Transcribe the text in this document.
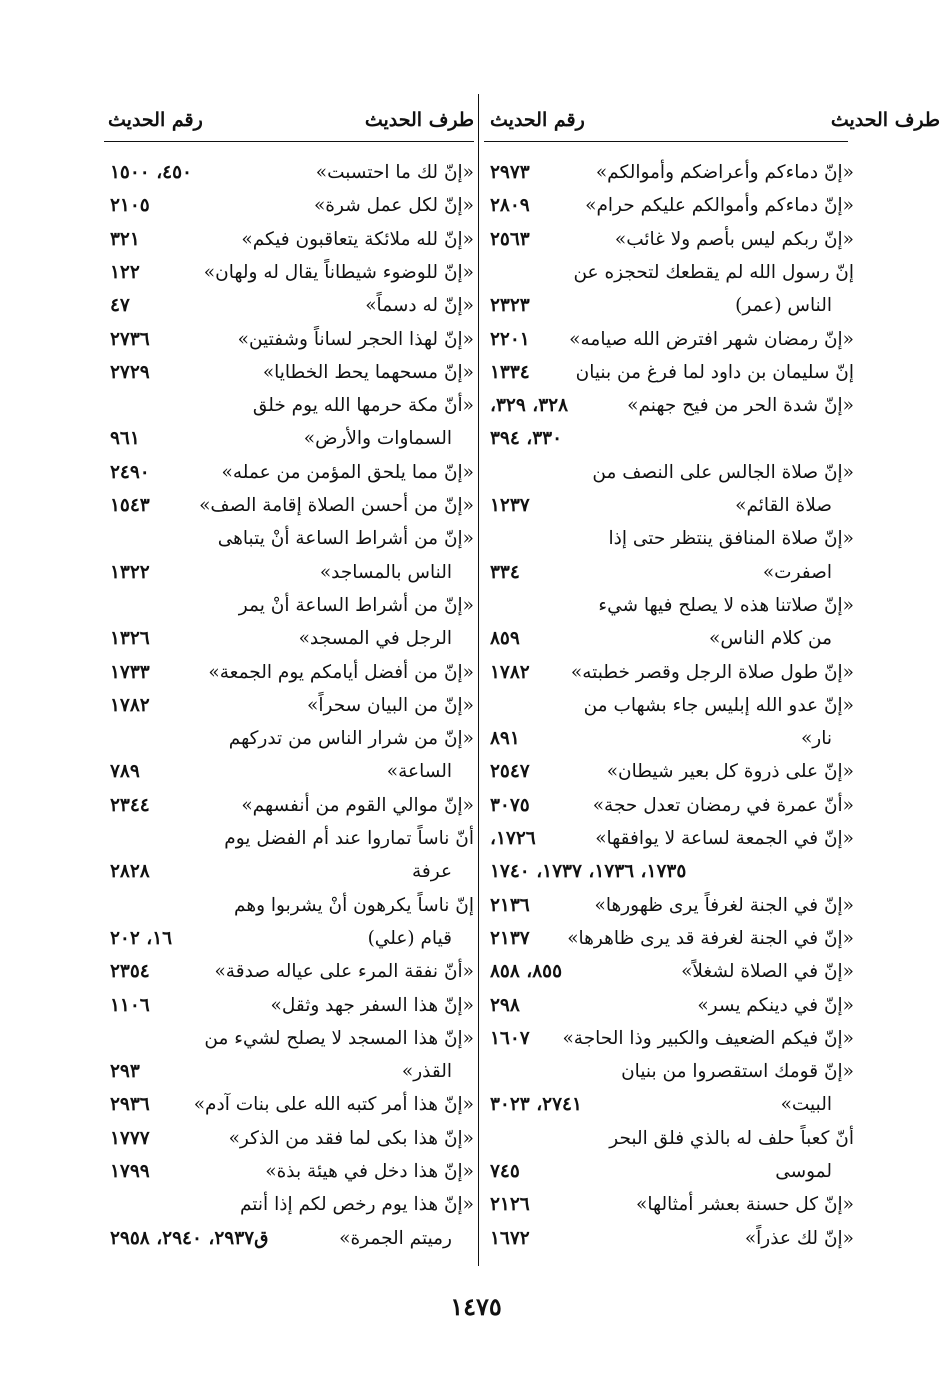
طرف الحديث
رقم الحديث
طرف الحديث
رقم الحديث
«إنّ دماءكم وأعراضكم وأموالكم»
٢٩٧٣
«إنّ دماءكم وأموالكم عليكم حرام»
٢٨٠٩
«إنّ ربكم ليس بأصم ولا غائب»
٢٥٦٣
إنّ رسول الله لم يقطعك لتحجزه عن
الناس (عمر)
٢٣٢٣
«إنّ رمضان شهر افترض الله صيامه»
٢٢٠١
إنّ سليمان بن داود لما فرغ من بنيان
١٣٣٤
«إنّ شدة الحر من فيح جهنم»
٣٢٨، ٣٢٩،
٣٣٠، ٣٩٤
«إنّ صلاة الجالس على النصف من
صلاة القائم»
١٢٣٧
«إنّ صلاة المنافق ينتظر حتى إذا
اصفرت»
٣٣٤
«إنّ صلاتنا هذه لا يصلح فيها شيء
من كلام الناس»
٨٥٩
«إنّ طول صلاة الرجل وقصر خطبته»
١٧٨٢
«إنّ عدو الله إبليس جاء بشهاب من
نار»
٨٩١
«إنّ على ذروة كل بعير شيطان»
٢٥٤٧
«أنّ عمرة في رمضان تعدل حجة»
٣٠٧٥
«إنّ في الجمعة لساعة لا يوافقها»
١٧٢٦،
١٧٣٥، ١٧٣٦، ١٧٣٧، ١٧٤٠
«إنّ في الجنة لغرفاً يرى ظهورها»
٢١٣٦
«إنّ في الجنة لغرفة قد يرى ظاهرها»
٢١٣٧
«إنّ في الصلاة لشغلاً»
٨٥٥، ٨٥٨
«إنّ في دينكم يسر»
٢٩٨
«إنّ فيكم الضعيف والكبير وذا الحاجة»
١٦٠٧
«إنّ قومك استقصروا من بنيان
البيت»
٢٧٤١، ٣٠٢٣
أنّ كعباً حلف له بالذي فلق البحر
لموسى
٧٤٥
«إنّ كل حسنة بعشر أمثالها»
٢١٢٦
«إنّ لك عذراً»
١٦٧٢
«إنّ لك ما احتسبت»
٤٥٠، ١٥٠٠
«إنّ لكل عمل شرة»
٢١٠٥
«إنّ لله ملائكة يتعاقبون فيكم»
٣٢١
«إنّ للوضوء شيطاناً يقال له ولهان»
١٢٢
«إنّ له دسماً»
٤٧
«إنّ لهذا الحجر لساناً وشفتين»
٢٧٣٦
«إنّ مسحهما يحط الخطايا»
٢٧٢٩
«أنّ مكة حرمها الله يوم خلق
السماوات والأرض»
٩٦١
«إنّ مما يلحق المؤمن من عمله»
٢٤٩٠
«إنّ من أحسن الصلاة إقامة الصف»
١٥٤٣
«إنّ من أشراط الساعة أنْ يتباهى
الناس بالمساجد»
١٣٢٢
«إنّ من أشراط الساعة أنْ يمر
الرجل في المسجد»
١٣٢٦
«إنّ من أفضل أيامكم يوم الجمعة»
١٧٣٣
«إنّ من البيان سحراً»
١٧٨٢
«إنّ من شرار الناس من تدركهم
الساعة»
٧٨٩
«إنّ موالي القوم من أنفسهم»
٢٣٤٤
أنّ ناساً تماروا عند أم الفضل يوم
عرفة
٢٨٢٨
إنّ ناساً يكرهون أنْ يشربوا وهم
قيام (علي)
١٦، ٢٠٢
«أنّ نفقة المرء على عياله صدقة»
٢٣٥٤
«إنّ هذا السفر جهد وثقل»
١١٠٦
«إنّ هذا المسجد لا يصلح لشيء من
القذر»
٢٩٣
«إنّ هذا أمر كتبه الله على بنات آدم»
٢٩٣٦
«إنّ هذا بكى لما فقد من الذكر»
١٧٧٧
«إنّ هذا دخل في هيئة بذة»
١٧٩٩
«إنّ هذا يوم رخص لكم إذا أنتم
رميتم الجمرة»
ق٢٩٣٧، ٢٩٤٠، ٢٩٥٨
١٤٧٥
